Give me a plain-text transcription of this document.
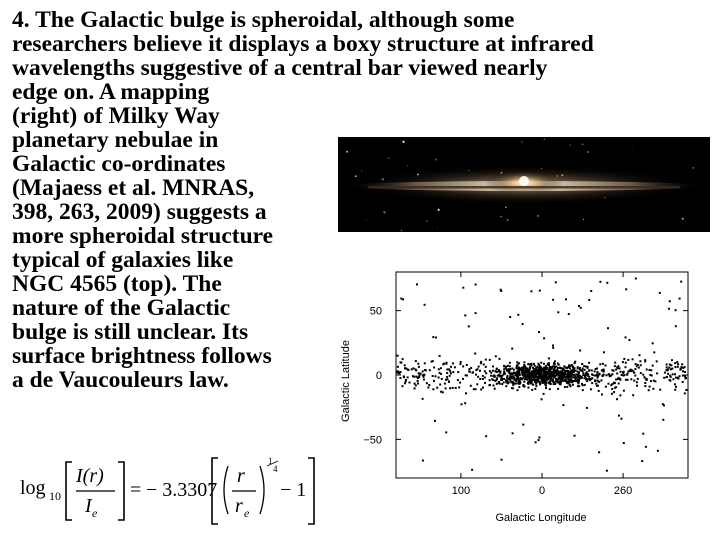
4. The Galactic bulge is spheroidal, although some
researchers believe it displays a boxy structure at infrared
wavelengths suggestive of a central bar viewed nearly
edge on. A mapping
(right) of Milky Way
planetary nebulae in
Galactic co-ordinates
(Majaess et al. MNRAS,
398, 263, 2009) suggests a
more spheroidal structure
typical of galaxies like
NGC 4565 (top). The
nature of the Galactic
bulge is still unclear. Its
surface brightness follows
a de Vaucouleurs law.
100	0	260
50
0
−50
Galactic Latitude
Galactic Longitude
log 10
I(r)
I e
= − 3.3307
r
r e
1
4
− 1
